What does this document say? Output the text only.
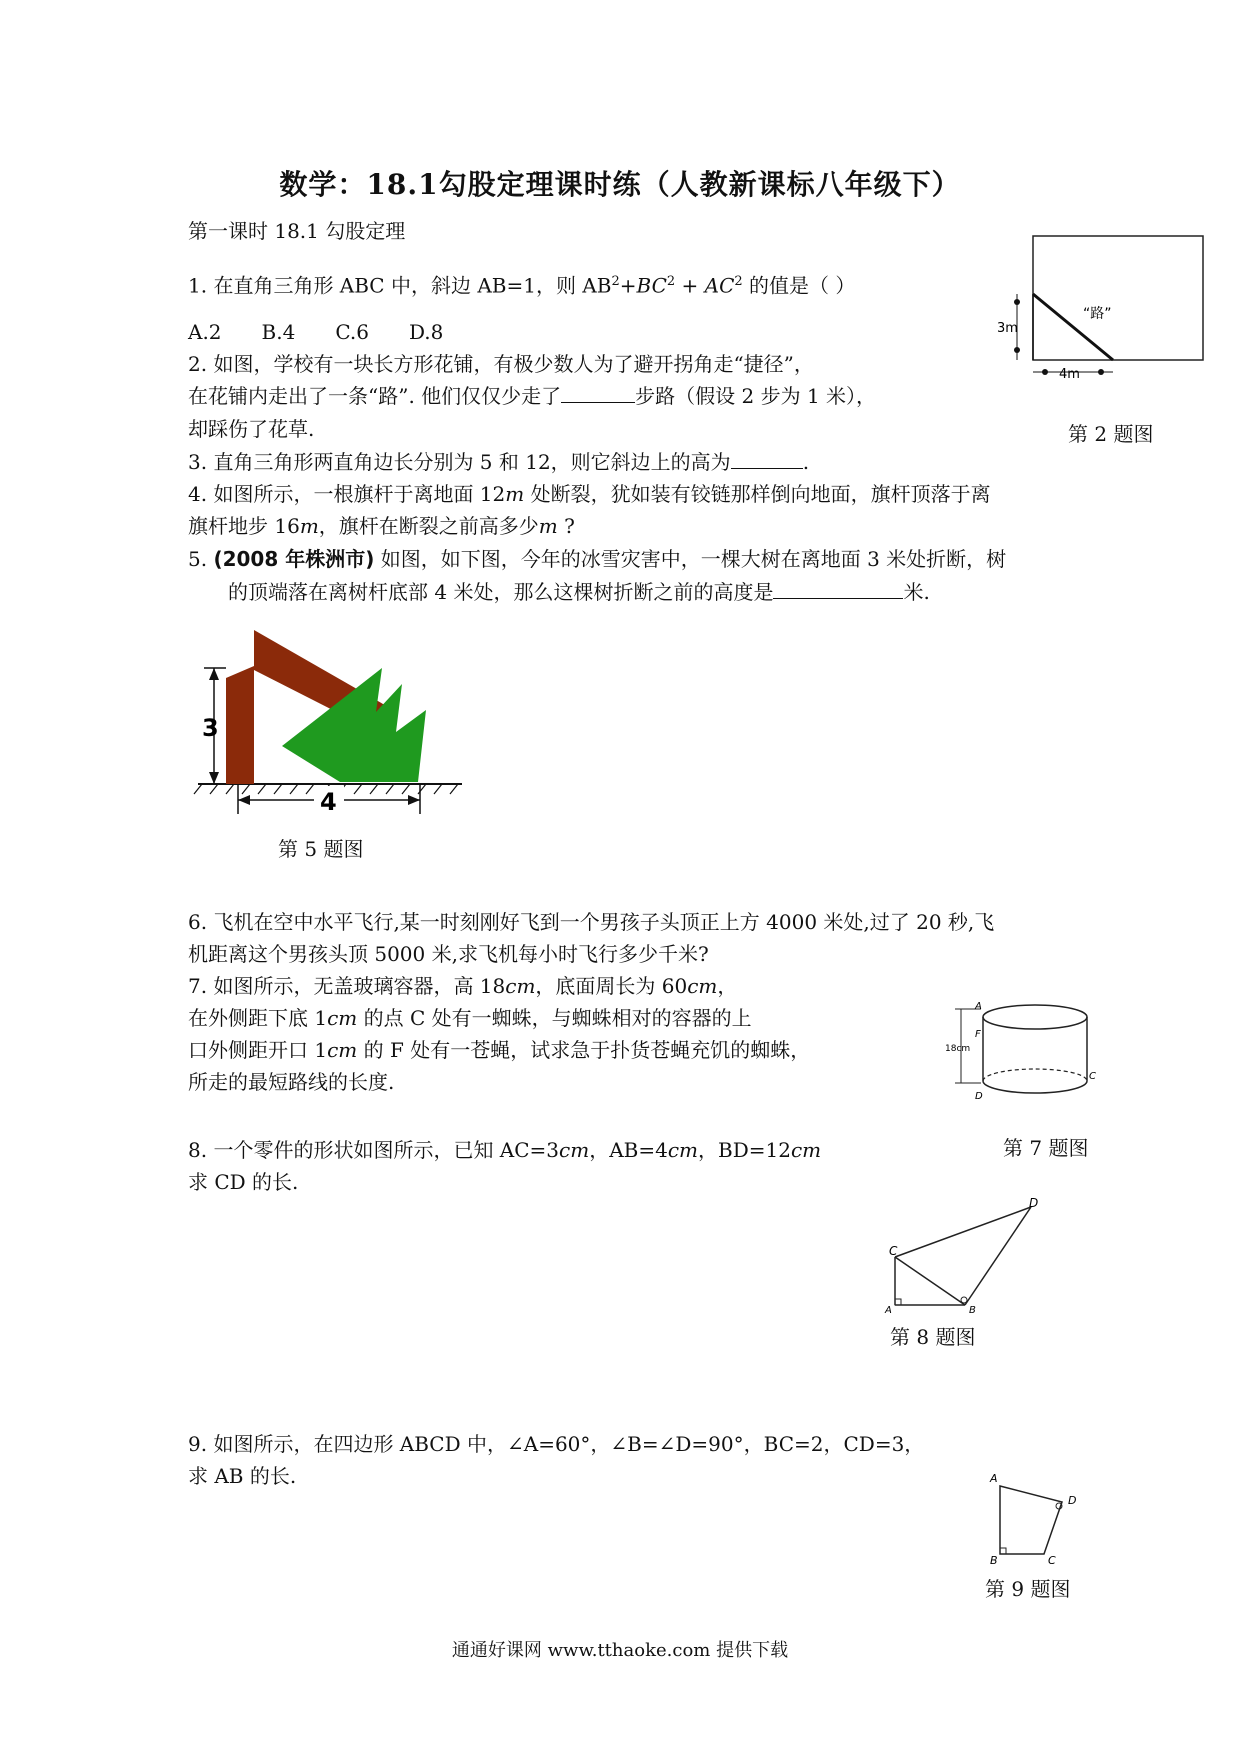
数学：18.1勾股定理课时练（人教新课标八年级下）
第一课时 18.1 勾股定理
1. 在直角三角形 ABC 中，斜边 AB=1，则 $AB^2+BC^2 + AC^2$ 的值是（ ）
A.2 B.4 C.6 D.8
2. 如图，学校有一块长方形花铺，有极少数人为了避开拐角走“捷径”，
在花铺内走出了一条“路”. 他们仅仅少走了	步路（假设 2 步为 1 米），
却踩伤了花草.
“路”
3m
4m
第 2 题图
3. 直角三角形两直角边长分别为 5 和 12，则它斜边上的高为	.
4. 如图所示，一根旗杆于离地面 12m 处断裂，犹如装有铰链那样倒向地面，旗杆顶落于离
旗杆地步 16m，旗杆在断裂之前高多少m ?
5. (2008 年株洲市) 如图，如下图，今年的冰雪灾害中，一棵大树在离地面 3 米处折断，树
的顶端落在离树杆底部 4 米处，那么这棵树折断之前的高度是	米.
3
4
第 5 题图
6. 飞机在空中水平飞行,某一时刻刚好飞到一个男孩子头顶正上方 4000 米处,过了 20 秒,飞
机距离这个男孩头顶 5000 米,求飞机每小时飞行多少千米?
7. 如图所示，无盖玻璃容器，高 18cm，底面周长为 60cm，
在外侧距下底 1cm 的点 C 处有一蜘蛛，与蜘蛛相对的容器的上
口外侧距开口 1cm 的 F 处有一苍蝇，试求急于扑货苍蝇充饥的蜘蛛，
所走的最短路线的长度.
A
F
D
C
18cm
第 7 题图
8. 一个零件的形状如图所示，已知 AC=3cm，AB=4cm，BD=12cm
求 CD 的长.
A	B
C
D
第 8 题图
9. 如图所示，在四边形 ABCD 中，∠A=60°，∠B=∠D=90°，BC=2，CD=3，
求 AB 的长.	A
B	C
D
第 9 题图
通通好课网 www.tthaoke.com 提供下载
